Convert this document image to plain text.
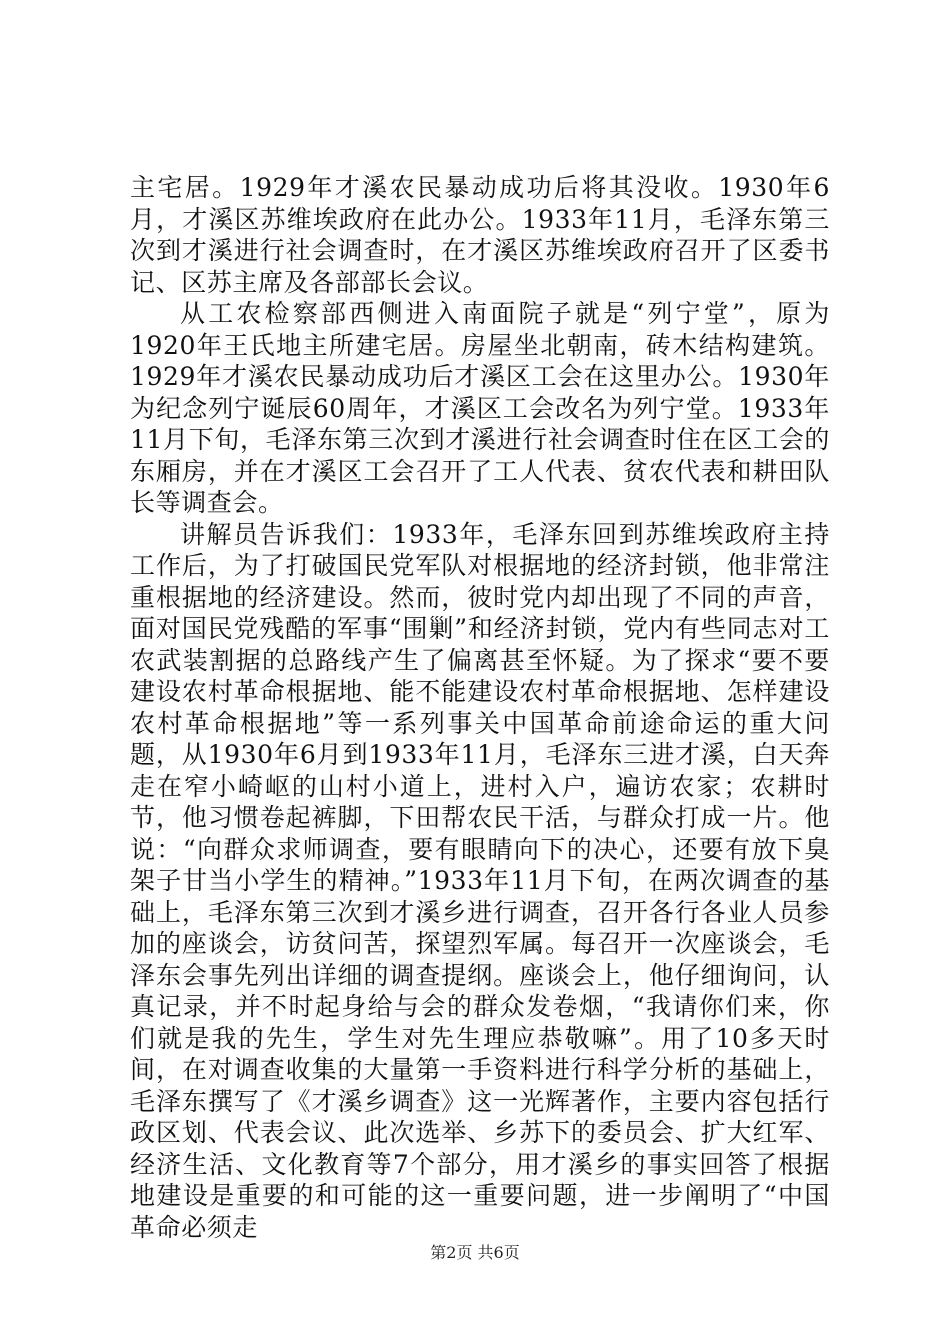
主宅居。1929年才溪农民暴动成功后将其没收。1930年6月，才溪区苏维埃政府在此办公。1933年11月，毛泽东第三次到才溪进行社会调查时，在才溪区苏维埃政府召开了区委书记、区苏主席及各部部长会议。

从工农检察部西侧进入南面院子就是“列宁堂”，原为1920年王氏地主所建宅居。房屋坐北朝南，砖木结构建筑。1929年才溪农民暴动成功后才溪区工会在这里办公。1930年为纪念列宁诞辰60周年，才溪区工会改名为列宁堂。1933年11月下旬，毛泽东第三次到才溪进行社会调查时住在区工会的东厢房，并在才溪区工会召开了工人代表、贫农代表和耕田队长等调查会。

讲解员告诉我们：1933年，毛泽东回到苏维埃政府主持工作后，为了打破国民党军队对根据地的经济封锁，他非常注重根据地的经济建设。然而，彼时党内却出现了不同的声音，面对国民党残酷的军事“围剿”和经济封锁，党内有些同志对工农武装割据的总路线产生了偏离甚至怀疑。为了探求“要不要建设农村革命根据地、能不能建设农村革命根据地、怎样建设农村革命根据地”等一系列事关中国革命前途命运的重大问题，从1930年6月到1933年11月，毛泽东三进才溪，白天奔走在窄小崎岖的山村小道上，进村入户，遍访农家；农耕时节，他习惯卷起裤脚，下田帮农民干活，与群众打成一片。他说：“向群众求师调查，要有眼睛向下的决心，还要有放下臭架子甘当小学生的精神。”1933年11月下旬，在两次调查的基础上，毛泽东第三次到才溪乡进行调查，召开各行各业人员参加的座谈会，访贫问苦，探望烈军属。每召开一次座谈会，毛泽东会事先列出详细的调查提纲。座谈会上，他仔细询问，认真记录，并不时起身给与会的群众发卷烟，“我请你们来，你们就是我的先生，学生对先生理应恭敬嘛”。用了10多天时间，在对调查收集的大量第一手资料进行科学分析的基础上，毛泽东撰写了《才溪乡调查》这一光辉著作，主要内容包括行政区划、代表会议、此次选举、乡苏下的委员会、扩大红军、经济生活、文化教育等7个部分，用才溪乡的事实回答了根据地建设是重要的和可能的这一重要问题，进一步阐明了“中国革命必须走

第2页 共6页
